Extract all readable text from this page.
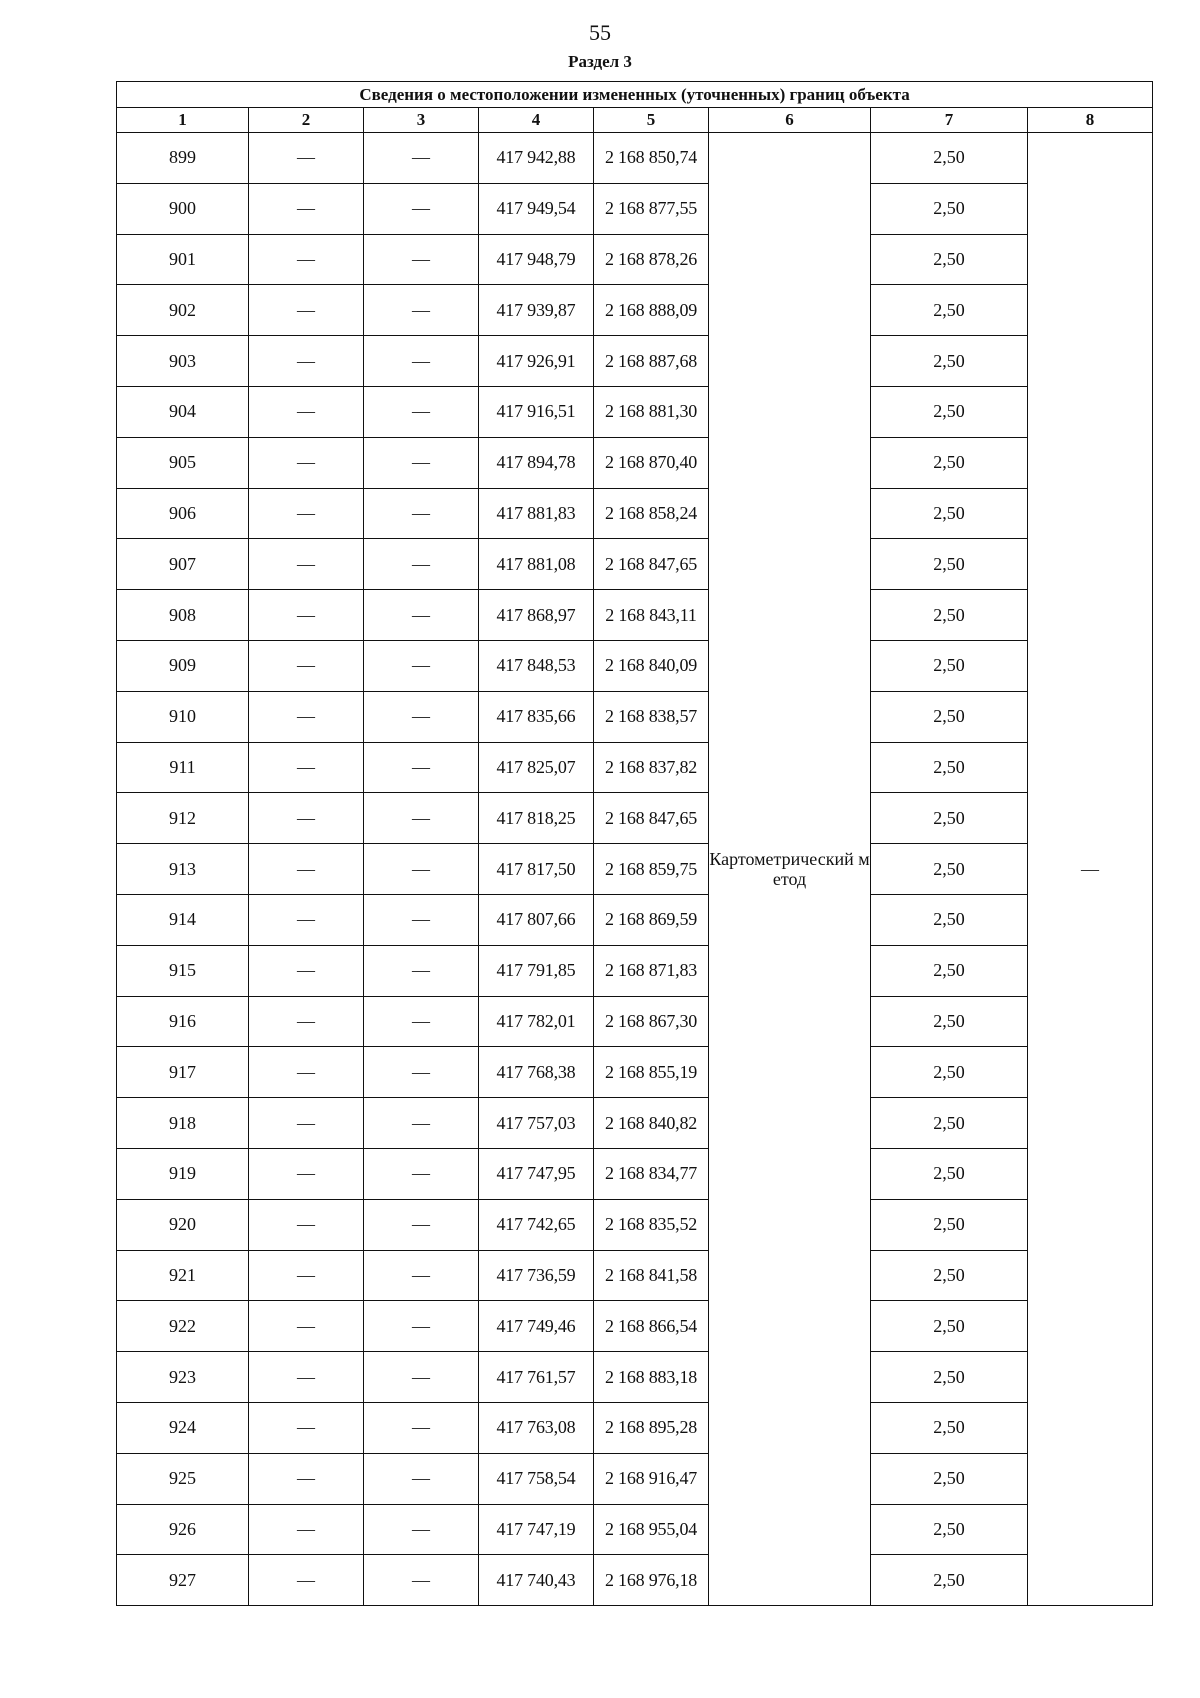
55
Раздел 3
Сведения о местоположении измененных (уточненных) границ объекта							
1	2	3	4	5	6	7	8
899	—	—	417 942,88	2 168 850,74	Картометрический метод	2,50	—
900	—	—	417 949,54	2 168 877,55		2,50	
901	—	—	417 948,79	2 168 878,26		2,50	
902	—	—	417 939,87	2 168 888,09		2,50	
903	—	—	417 926,91	2 168 887,68		2,50	
904	—	—	417 916,51	2 168 881,30		2,50	
905	—	—	417 894,78	2 168 870,40		2,50	
906	—	—	417 881,83	2 168 858,24		2,50	
907	—	—	417 881,08	2 168 847,65		2,50	
908	—	—	417 868,97	2 168 843,11		2,50	
909	—	—	417 848,53	2 168 840,09		2,50	
910	—	—	417 835,66	2 168 838,57		2,50	
911	—	—	417 825,07	2 168 837,82		2,50	
912	—	—	417 818,25	2 168 847,65		2,50	
913	—	—	417 817,50	2 168 859,75		2,50	
914	—	—	417 807,66	2 168 869,59		2,50	
915	—	—	417 791,85	2 168 871,83		2,50	
916	—	—	417 782,01	2 168 867,30		2,50	
917	—	—	417 768,38	2 168 855,19		2,50	
918	—	—	417 757,03	2 168 840,82		2,50	
919	—	—	417 747,95	2 168 834,77		2,50	
920	—	—	417 742,65	2 168 835,52		2,50	
921	—	—	417 736,59	2 168 841,58		2,50	
922	—	—	417 749,46	2 168 866,54		2,50	
923	—	—	417 761,57	2 168 883,18		2,50	
924	—	—	417 763,08	2 168 895,28		2,50	
925	—	—	417 758,54	2 168 916,47		2,50	
926	—	—	417 747,19	2 168 955,04		2,50	
927	—	—	417 740,43	2 168 976,18		2,50	
